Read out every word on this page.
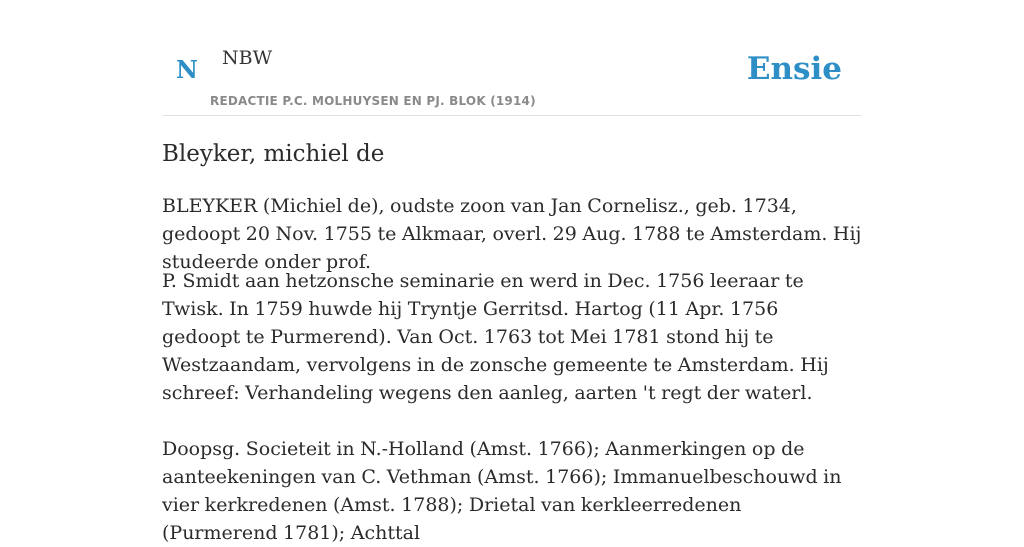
N NBW
REDACTIE P.C. MOLHUYSEN EN PJ. BLOK (1914)
Ensie
Bleyker, michiel de

BLEYKER (Michiel de), oudste zoon van Jan Cornelisz., geb. 1734, gedoopt 20 Nov. 1755 te Alkmaar, overl. 29 Aug. 1788 te Amsterdam. Hij studeerde onder prof.

P. Smidt aan hetzonsche seminarie en werd in Dec. 1756 leeraar te Twisk. In 1759 huwde hij Tryntje Gerritsd. Hartog (11 Apr. 1756 gedoopt te Purmerend). Van Oct. 1763 tot Mei 1781 stond hij te Westzaandam, vervolgens in de zonsche gemeente te Amsterdam. Hij schreef: Verhandeling wegens den aanleg, aarten 't regt der waterl.

Doopsg. Societeit in N.-Holland (Amst. 1766); Aanmerkingen op de aanteekeningen van C. Vethman (Amst. 1766); Immanuelbeschouwd in vier kerkredenen (Amst. 1788); Drietal van kerkleerredenen (Purmerend 1781); Achttal
